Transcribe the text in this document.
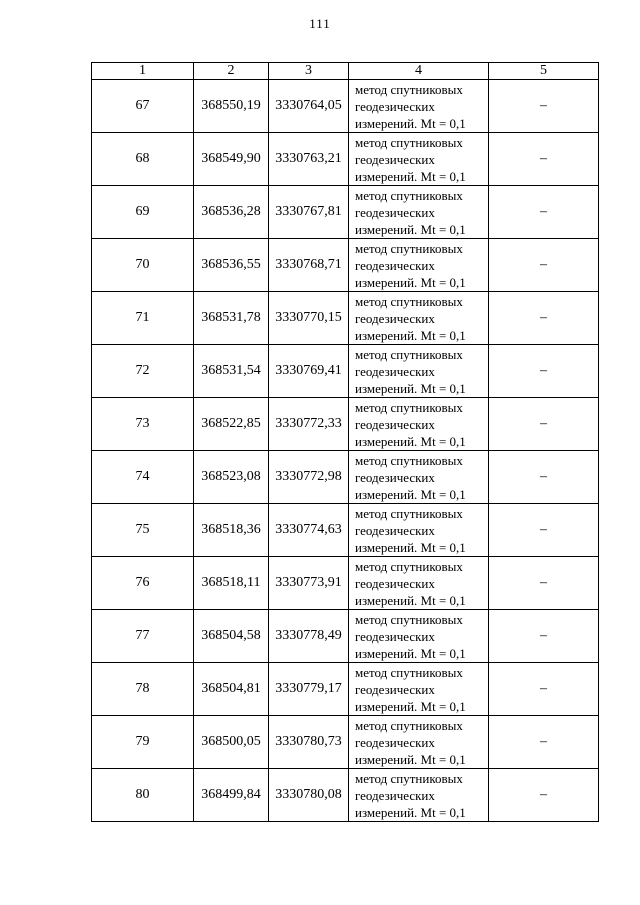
111
1	2	3	4	5
67	368550,19	3330764,05	метод спутниковых
геодезических
измерений. Mt = 0,1	–
68	368549,90	3330763,21	метод спутниковых
геодезических
измерений. Mt = 0,1	–
69	368536,28	3330767,81	метод спутниковых
геодезических
измерений. Mt = 0,1	–
70	368536,55	3330768,71	метод спутниковых
геодезических
измерений. Mt = 0,1	–
71	368531,78	3330770,15	метод спутниковых
геодезических
измерений. Mt = 0,1	–
72	368531,54	3330769,41	метод спутниковых
геодезических
измерений. Mt = 0,1	–
73	368522,85	3330772,33	метод спутниковых
геодезических
измерений. Mt = 0,1	–
74	368523,08	3330772,98	метод спутниковых
геодезических
измерений. Mt = 0,1	–
75	368518,36	3330774,63	метод спутниковых
геодезических
измерений. Mt = 0,1	–
76	368518,11	3330773,91	метод спутниковых
геодезических
измерений. Mt = 0,1	–
77	368504,58	3330778,49	метод спутниковых
геодезических
измерений. Mt = 0,1	–
78	368504,81	3330779,17	метод спутниковых
геодезических
измерений. Mt = 0,1	–
79	368500,05	3330780,73	метод спутниковых
геодезических
измерений. Mt = 0,1	–
80	368499,84	3330780,08	метод спутниковых
геодезических
измерений. Mt = 0,1	–
